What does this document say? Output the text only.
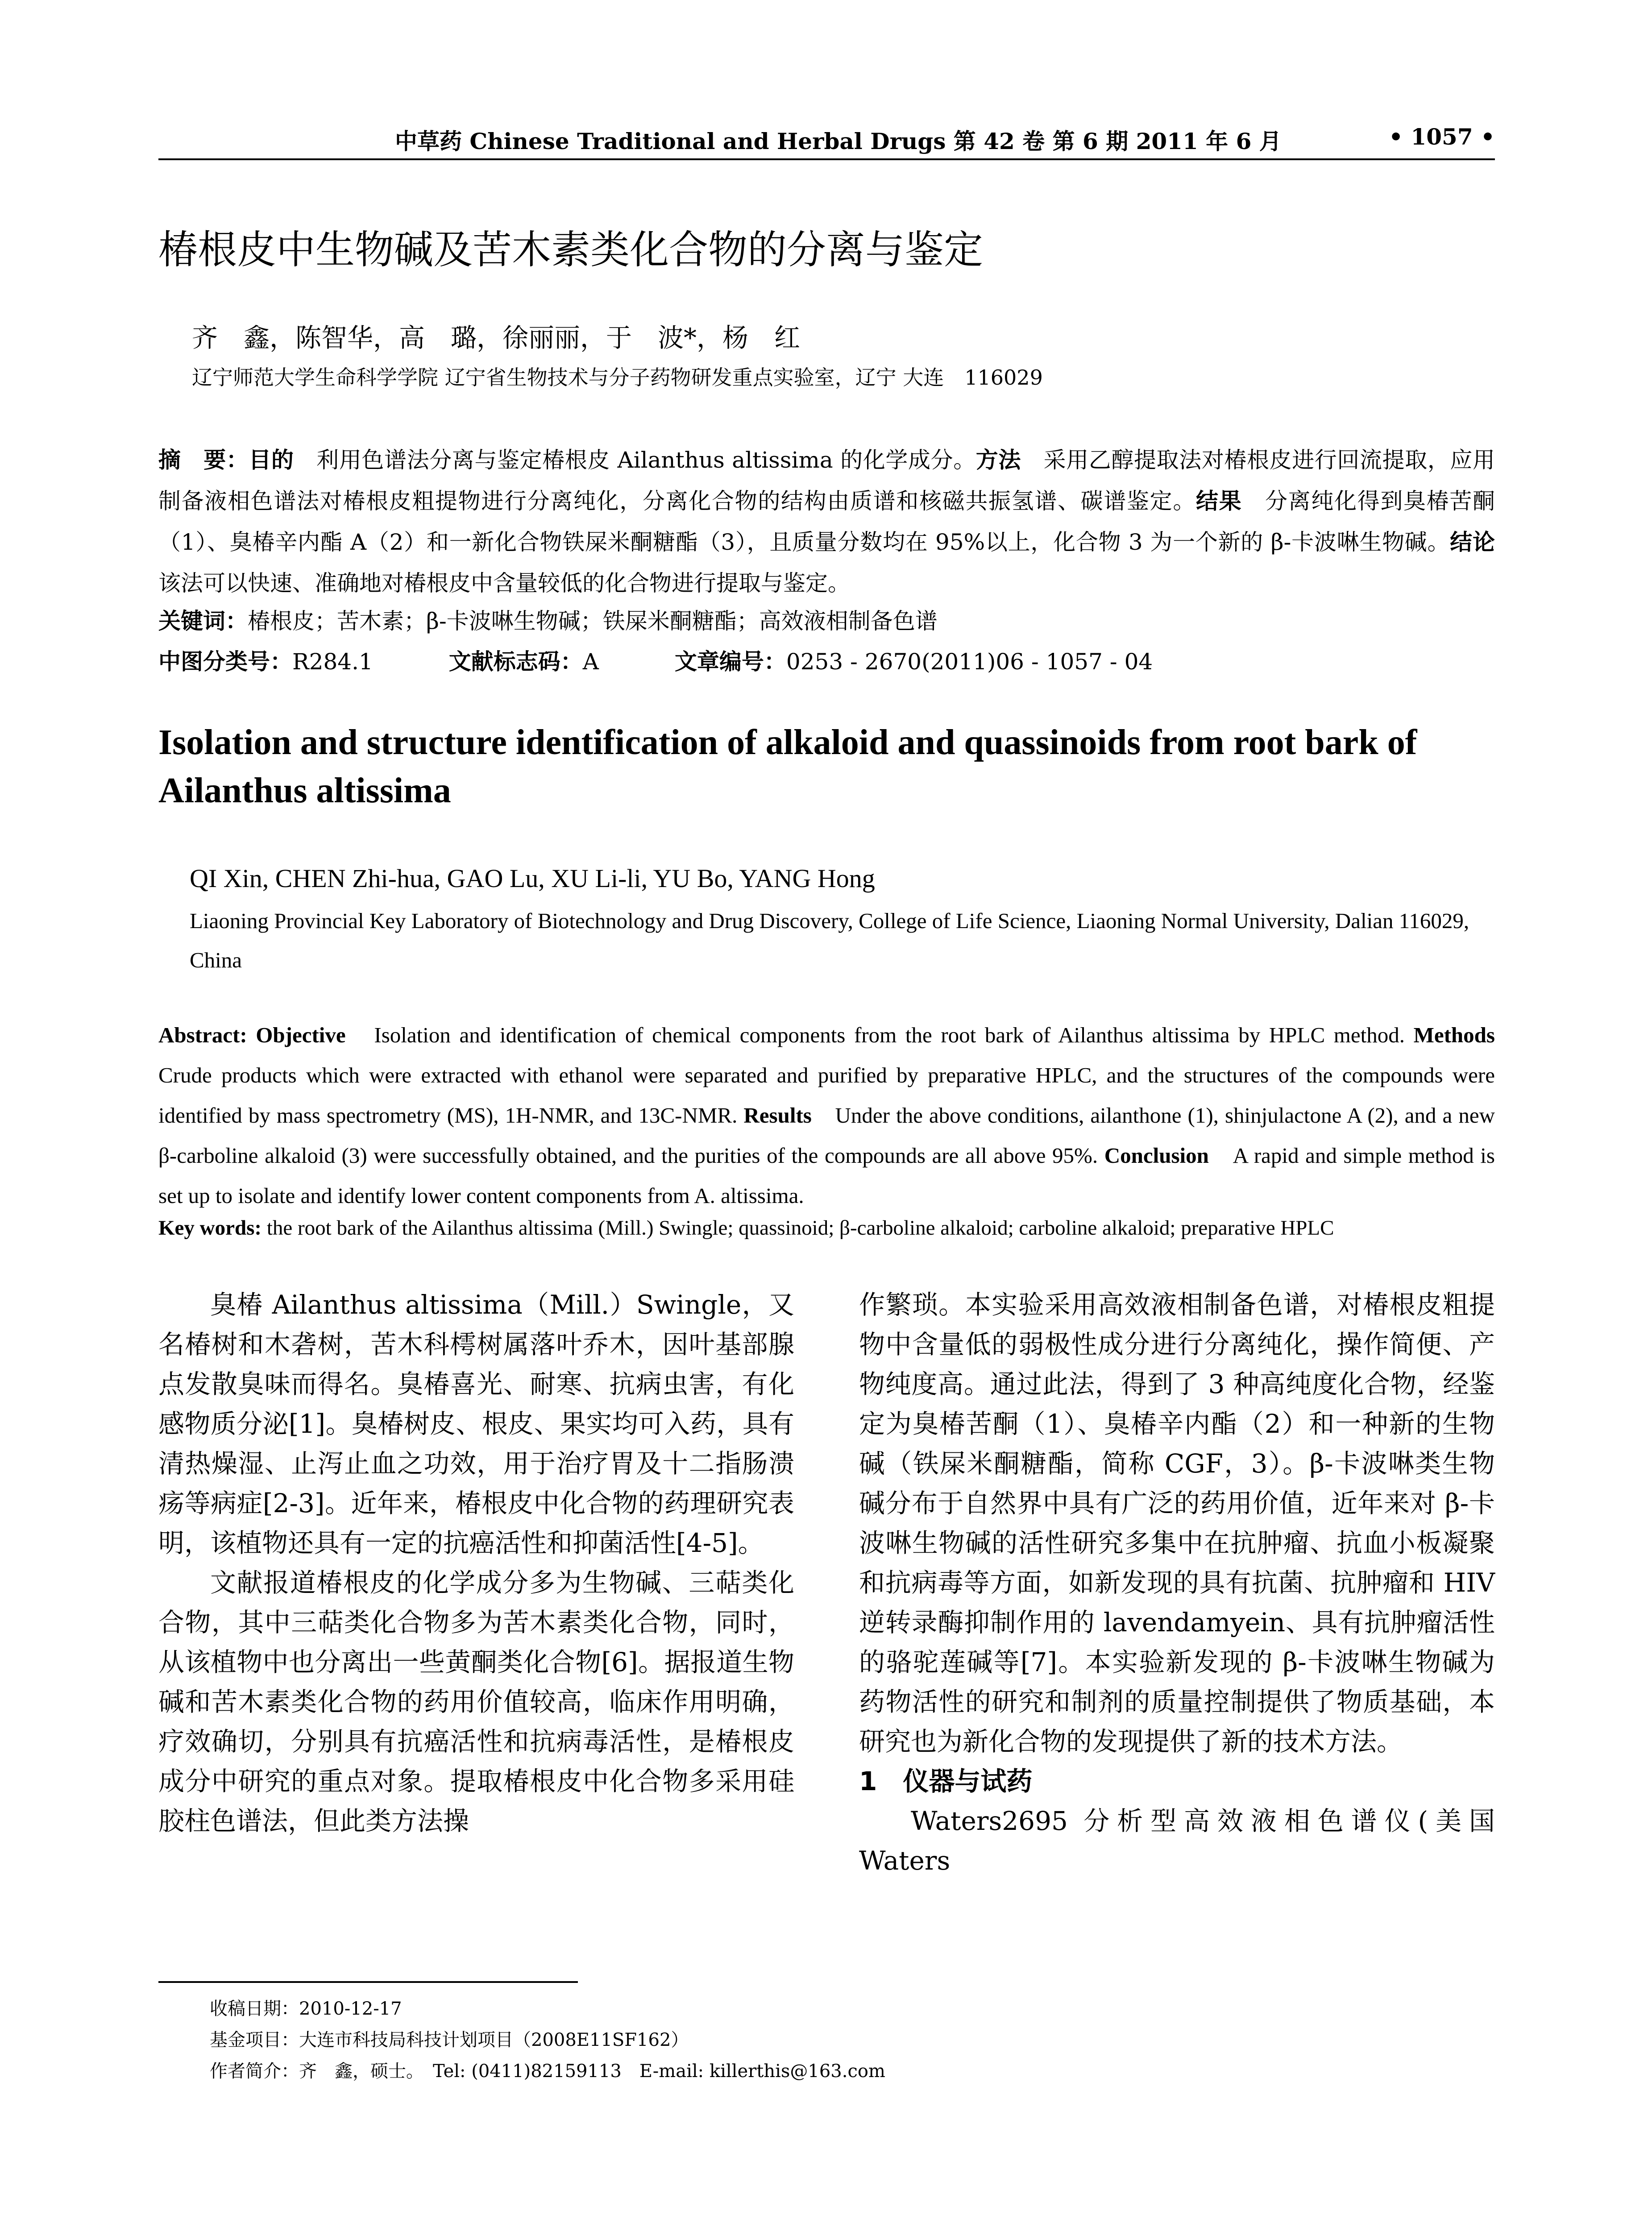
中草药 Chinese Traditional and Herbal Drugs 第 42 卷 第 6 期 2011 年 6 月	• 1057 •
椿根皮中生物碱及苦木素类化合物的分离与鉴定
齐　鑫，陈智华，高　璐，徐丽丽，于　波*，杨　红
辽宁师范大学生命科学学院 辽宁省生物技术与分子药物研发重点实验室，辽宁 大连　116029
摘　要：目的　 利用色谱法分离与鉴定椿根皮 Ailanthus altissima 的化学成分。方法　 采用乙醇提取法对椿根皮进行回流提取，应用制备液相色谱法对椿根皮粗提物进行分离纯化，分离化合物的结构由质谱和核磁共振氢谱、碳谱鉴定。结果　 分离纯化得到臭椿苦酮（1）、臭椿辛内酯 A（2）和一新化合物铁屎米酮糖酯（3），且质量分数均在 95%以上，化合物 3 为一个新的 β-卡波啉生物碱。结论　该法可以快速、准确地对椿根皮中含量较低的化合物进行提取与鉴定。
关键词：椿根皮；苦木素；β-卡波啉生物碱；铁屎米酮糖酯；高效液相制备色谱
中图分类号：R284.1	文献标志码：A	文章编号：0253 - 2670(2011)06 - 1057 - 04
Isolation and structure identification of alkaloid and quassinoids from root bark of Ailanthus altissima
QI Xin, CHEN Zhi-hua, GAO Lu, XU Li-li, YU Bo, YANG Hong
Liaoning Provincial Key Laboratory of Biotechnology and Drug Discovery, College of Life Science, Liaoning Normal University, Dalian 116029, China
Abstract: Objective　 Isolation and identification of chemical components from the root bark of Ailanthus altissima by HPLC method. Methods　Crude products which were extracted with ethanol were separated and purified by preparative HPLC, and the structures of the compounds were identified by mass spectrometry (MS), 1H-NMR, and 13C-NMR. Results　 Under the above conditions, ailanthone (1), shinjulactone A (2), and a new β-carboline alkaloid (3) were successfully obtained, and the purities of the compounds are all above 95%. Conclusion　 A rapid and simple method is set up to isolate and identify lower content components from A. altissima.
Key words: the root bark of the Ailanthus altissima (Mill.) Swingle; quassinoid; β-carboline alkaloid; carboline alkaloid; preparative HPLC

臭椿 Ailanthus altissima（Mill.）Swingle，又名椿树和木砻树，苦木科樗树属落叶乔木，因叶基部腺点发散臭味而得名。臭椿喜光、耐寒、抗病虫害，有化感物质分泌[1]。臭椿树皮、根皮、果实均可入药，具有清热燥湿、止泻止血之功效，用于治疗胃及十二指肠溃疡等病症[2-3]。近年来，椿根皮中化合物的药理研究表明，该植物还具有一定的抗癌活性和抑菌活性[4-5]。

文献报道椿根皮的化学成分多为生物碱、三萜类化合物，其中三萜类化合物多为苦木素类化合物，同时，从该植物中也分离出一些黄酮类化合物[6]。据报道生物碱和苦木素类化合物的药用价值较高，临床作用明确，疗效确切，分别具有抗癌活性和抗病毒活性，是椿根皮成分中研究的重点对象。提取椿根皮中化合物多采用硅胶柱色谱法，但此类方法操

作繁琐。本实验采用高效液相制备色谱，对椿根皮粗提物中含量低的弱极性成分进行分离纯化，操作简便、产物纯度高。通过此法，得到了 3 种高纯度化合物，经鉴定为臭椿苦酮（1）、臭椿辛内酯（2）和一种新的生物碱（铁屎米酮糖酯，简称 CGF，3）。β-卡波啉类生物碱分布于自然界中具有广泛的药用价值，近年来对 β-卡波啉生物碱的活性研究多集中在抗肿瘤、抗血小板凝聚和抗病毒等方面，如新发现的具有抗菌、抗肿瘤和 HIV 逆转录酶抑制作用的 lavendamyein、具有抗肿瘤活性的骆驼莲碱等[7]。本实验新发现的 β-卡波啉生物碱为药物活性的研究和制剂的质量控制提供了物质基础，本研究也为新化合物的发现提供了新的技术方法。

1　仪器与试药

Waters2695 分析型高效液相色谱仪(美国 Waters

收稿日期：2010-12-17
基金项目：大连市科技局科技计划项目（2008E11SF162）
作者简介：齐　鑫，硕士。　Tel: (0411)82159113　E-mail: killerthis@163.com
